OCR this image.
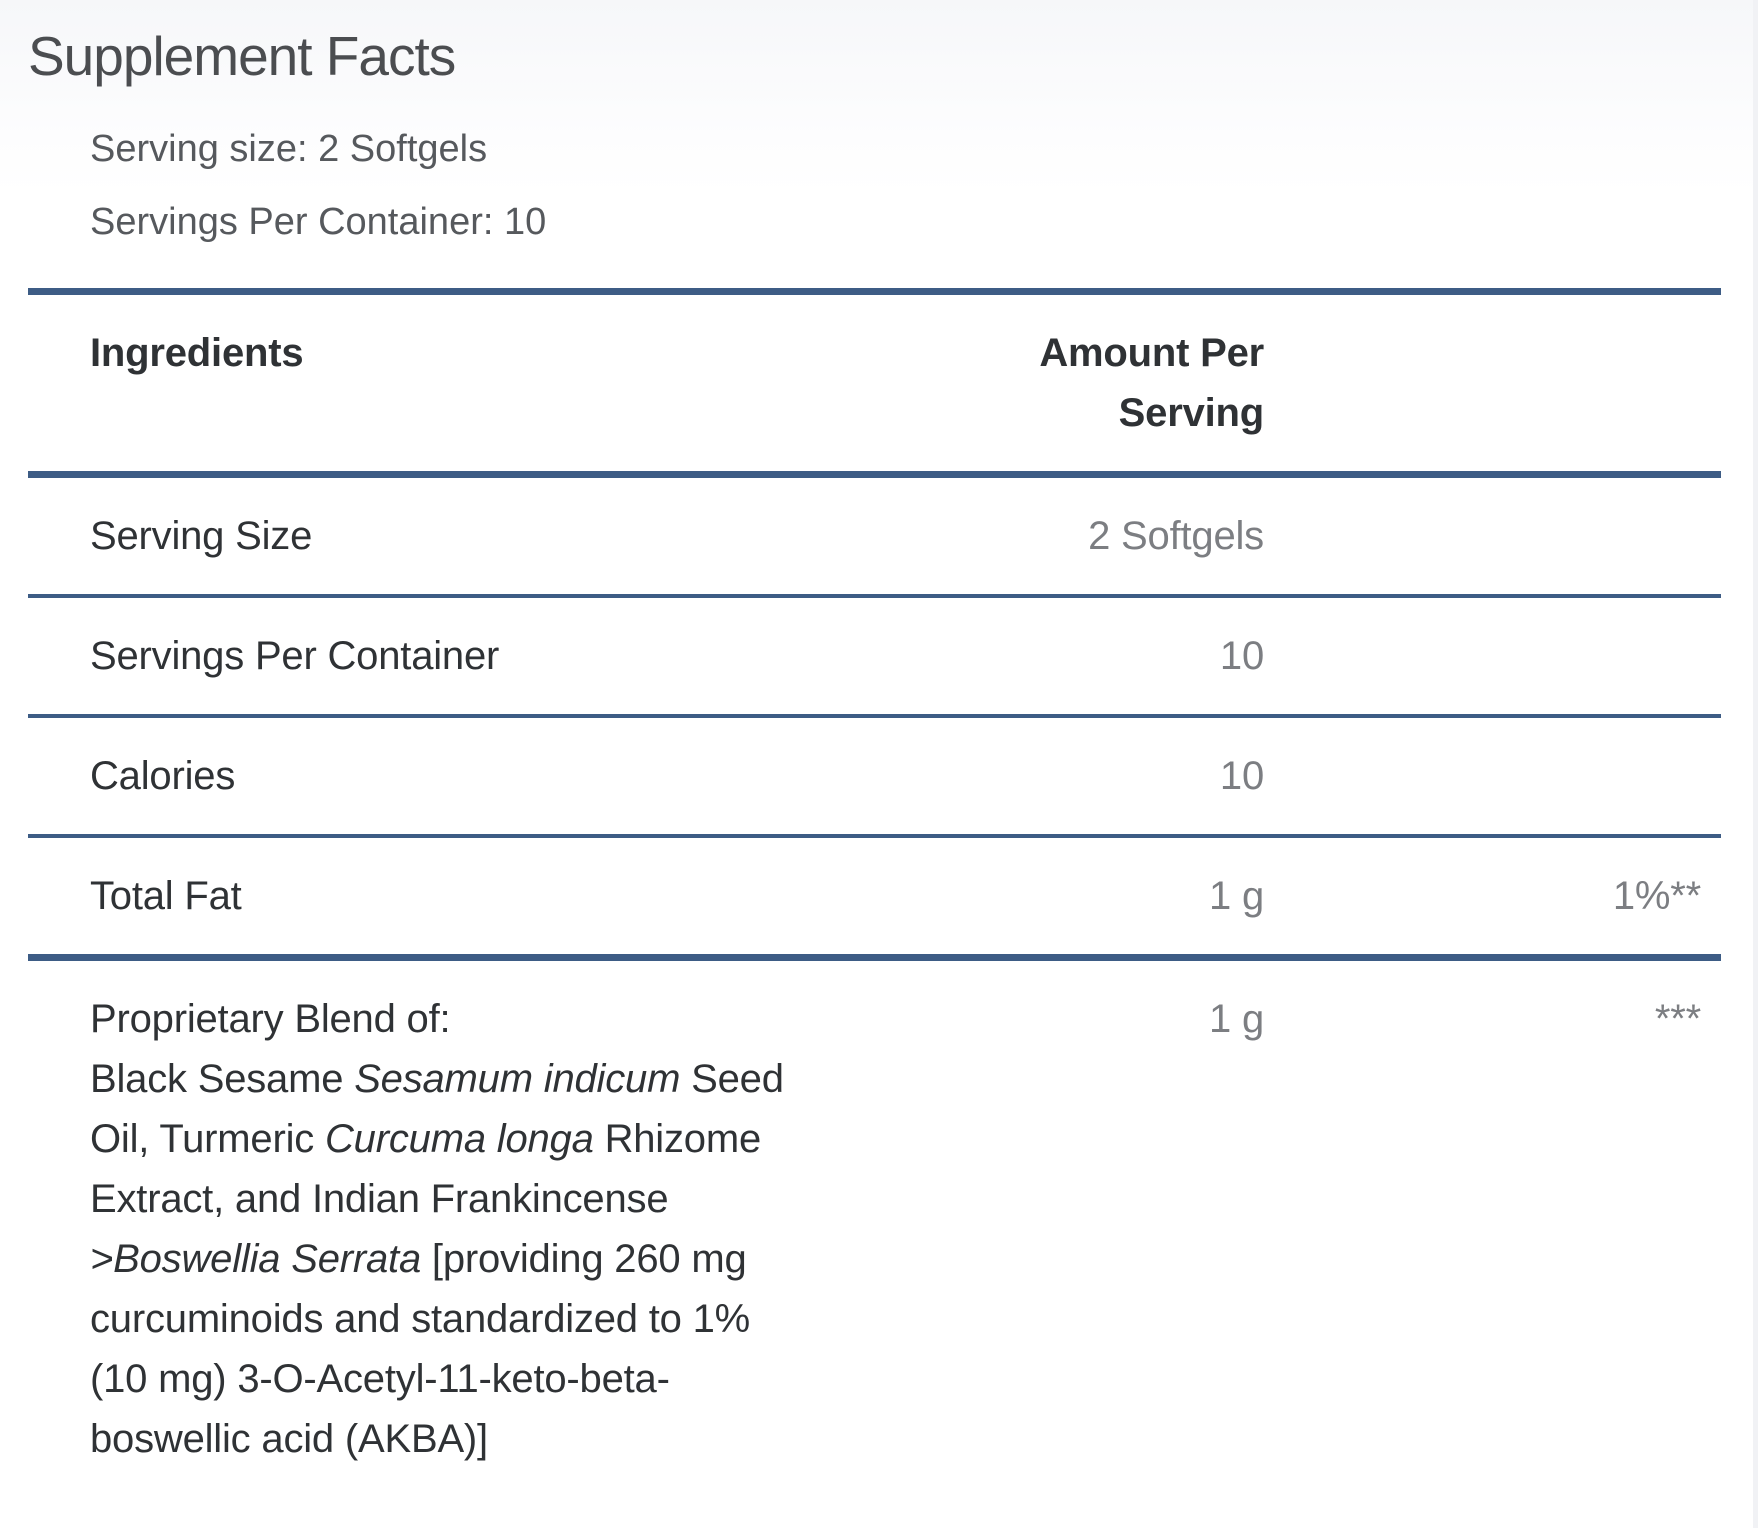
Supplement Facts

Serving size: 2 Softgels

Servings Per Container: 10

Ingredients	Amount Per Serving	
Serving Size	2 Softgels	
Servings Per Container	10	
Calories	10	
Total Fat	1 g	1%**

Proprietary Blend of:
Black Sesame Sesamum indicum Seed Oil, Turmeric Curcuma longa Rhizome Extract, and Indian Frankincense >Boswellia Serrata [providing 260 mg curcuminoids and standardized to 1% (10 mg) 3-O-Acetyl-11-keto-beta-boswellic acid (AKBA)]	1 g	***
